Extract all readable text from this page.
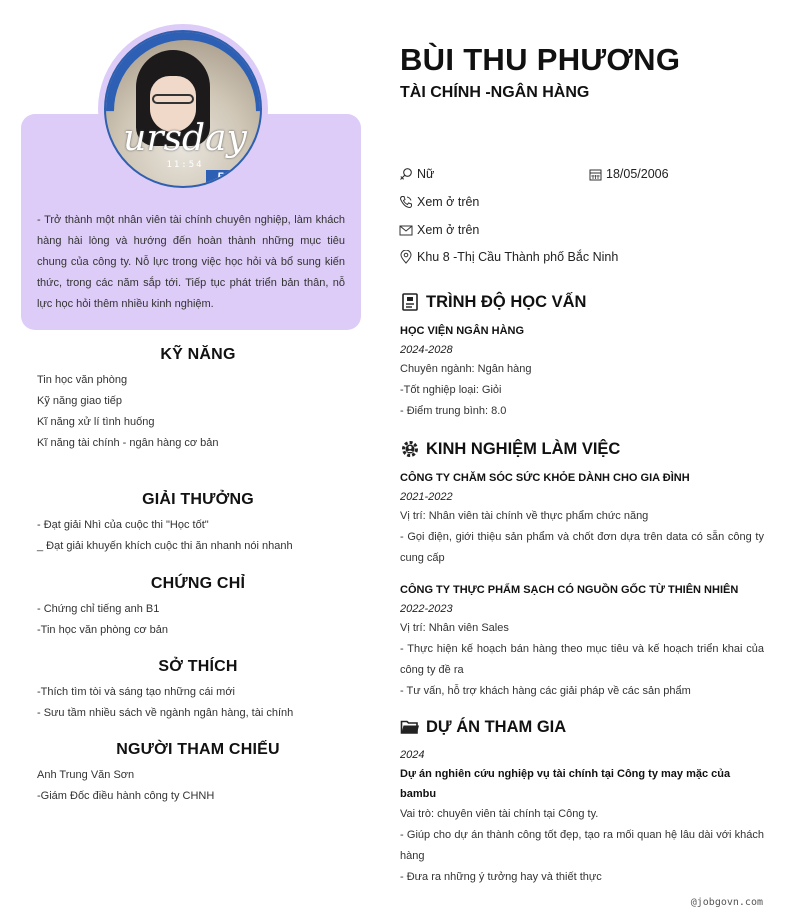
ursday
11:54
5

- Trở thành một nhân viên tài chính chuyên nghiệp, làm khách hàng hài lòng và hướng đến hoàn thành những mục tiêu chung của công ty. Nỗ lực trong việc học hỏi và bổ sung kiến thức, trong các năm sắp tới. Tiếp tục phát triển bản thân, nỗ lực học hỏi thêm nhiều kinh nghiệm.

KỸ NĂNG
Tin học văn phòng
Kỹ năng giao tiếp
Kĩ năng xử lí tình huống
Kĩ năng tài chính - ngân hàng cơ bản
GIẢI THƯỞNG
- Đạt giải Nhì của cuộc thi "Học tốt"
_ Đạt giải khuyến khích cuộc thi ăn nhanh nói nhanh
CHỨNG CHỈ
- Chứng chỉ tiếng anh B1
-Tin học văn phòng cơ bản
SỞ THÍCH
-Thích tìm tòi và sáng tạo những cái mới
- Sưu tầm nhiều sách về ngành ngân hàng, tài chính
NGƯỜI THAM CHIẾU
Anh Trung Văn Sơn
-Giám Đốc điều hành công ty CHNH
BÙI THU PHƯƠNG
TÀI CHÍNH -NGÂN HÀNG
Nữ	18/05/2006
Xem ở trên
Xem ở trên
Khu 8 -Thị Cầu Thành phố Bắc Ninh
TRÌNH ĐỘ HỌC VẤN
HỌC VIỆN NGÂN HÀNG
2024-2028
Chuyên ngành: Ngân hàng
-Tốt nghiệp loại: Giỏi
- Điểm trung bình: 8.0
KINH NGHIỆM LÀM VIỆC
CÔNG TY CHĂM SÓC SỨC KHỎE DÀNH CHO GIA ĐÌNH
2021-2022
Vị trí: Nhân viên tài chính về thực phẩm chức năng
- Gọi điện, giới thiệu sản phẩm và chốt đơn dựa trên data có sẵn công ty cung cấp
CÔNG TY THỰC PHẨM SẠCH CÓ NGUỒN GỐC TỪ THIÊN NHIÊN
2022-2023
Vị trí: Nhân viên Sales
- Thực hiện kế hoạch bán hàng theo mục tiêu và kế hoạch triển khai của công ty đề ra
- Tư vấn, hỗ trợ khách hàng các giải pháp về các sản phẩm
DỰ ÁN THAM GIA
2024
Dự án nghiên cứu nghiệp vụ tài chính tại Công ty may mặc của bambu
Vai trò: chuyên viên tài chính tại Công ty.
- Giúp cho dự án thành công tốt đẹp, tạo ra mối quan hệ lâu dài với khách hàng
- Đưa ra những ý tưởng hay và thiết thực
@jobgovn.com
